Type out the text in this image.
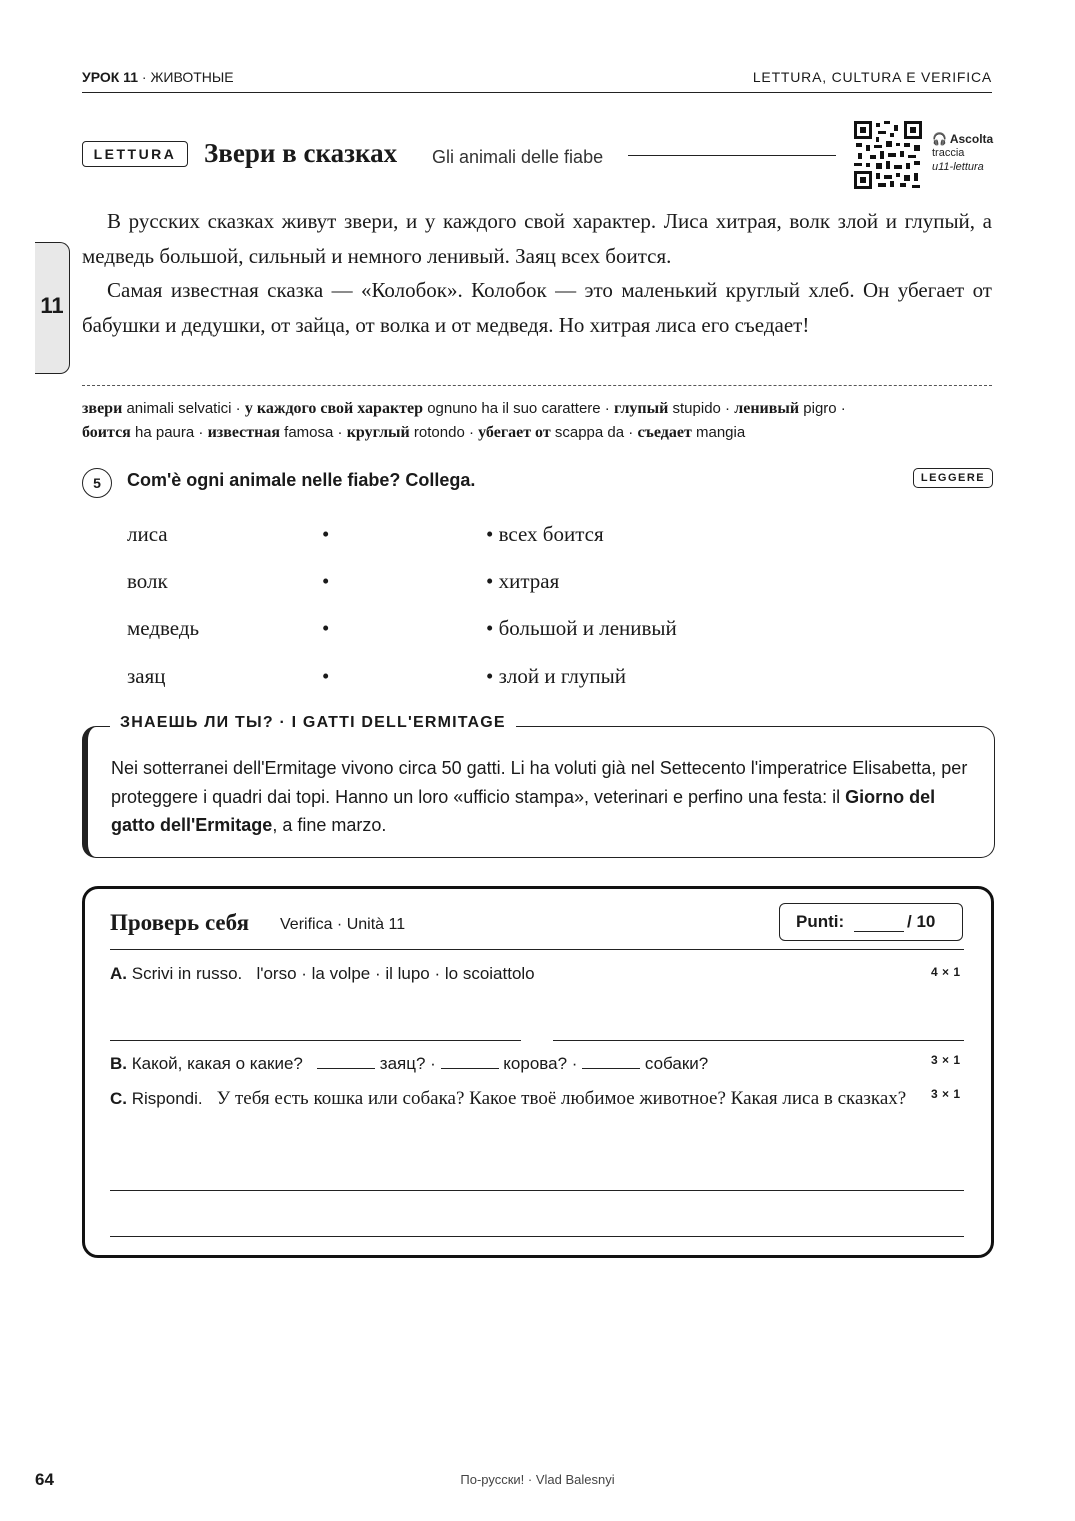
УРОК 11 · ЖИВОТНЫЕ	LETTURA, CULTURA E VERIFICA
11
LETTURA	Звери в сказках Gli animali delle fiabe
🎧 Ascolta
traccia
u11-lettura

В русских сказках живут звери, и у каждого свой характер. Лиса хитрая, волк злой и глупый, а медведь большой, сильный и немного ленивый. Заяц всех боится.

Самая известная сказка — «Колобок». Колобок — это маленький круглый хлеб. Он убегает от бабушки и дедушки, от зайца, от волка и от медведя. Но хитрая лиса его съедает!

звери animali selvatici · у каждого свой характер ognuno ha il suo carattere · глупый stupido · ленивый pigro ·
боится ha paura · известная famosa · круглый rotondo · убегает от scappa da · съедает mangia
5	Com'è ogni animale nelle fiabe? Collega.	LEGGERE
лиса	•	• всех боится
волк	•	• хитрая
медведь	•	• большой и ленивый
заяц	•	• злой и глупый
ЗНАЕШЬ ЛИ ТЫ? · I GATTI DELL'ERMITAGE
Nei sotterranei dell'Ermitage vivono circa 50 gatti. Li ha voluti già nel Settecento l'imperatrice Elisabetta, per proteggere i quadri dai topi. Hanno un loro «ufficio stampa», veterinari e perfino una festa: il Giorno del gatto dell'Ermitage, a fine marzo.
Проверь себя Verifica · Unità 11	Punti:	/ 10
A. Scrivi in russo. l'orso · la volpe · il lupo · lo scoiattolo	4 × 1
B. Какой, какая о какие?	заяц? ·	корова? ·	собаки?	3 × 1
C. Rispondi. У тебя есть кошка или собака? Какое твоё любимое животное? Какая лиса в сказках?	3 × 1
64	По-русски! · Vlad Balesnyi
